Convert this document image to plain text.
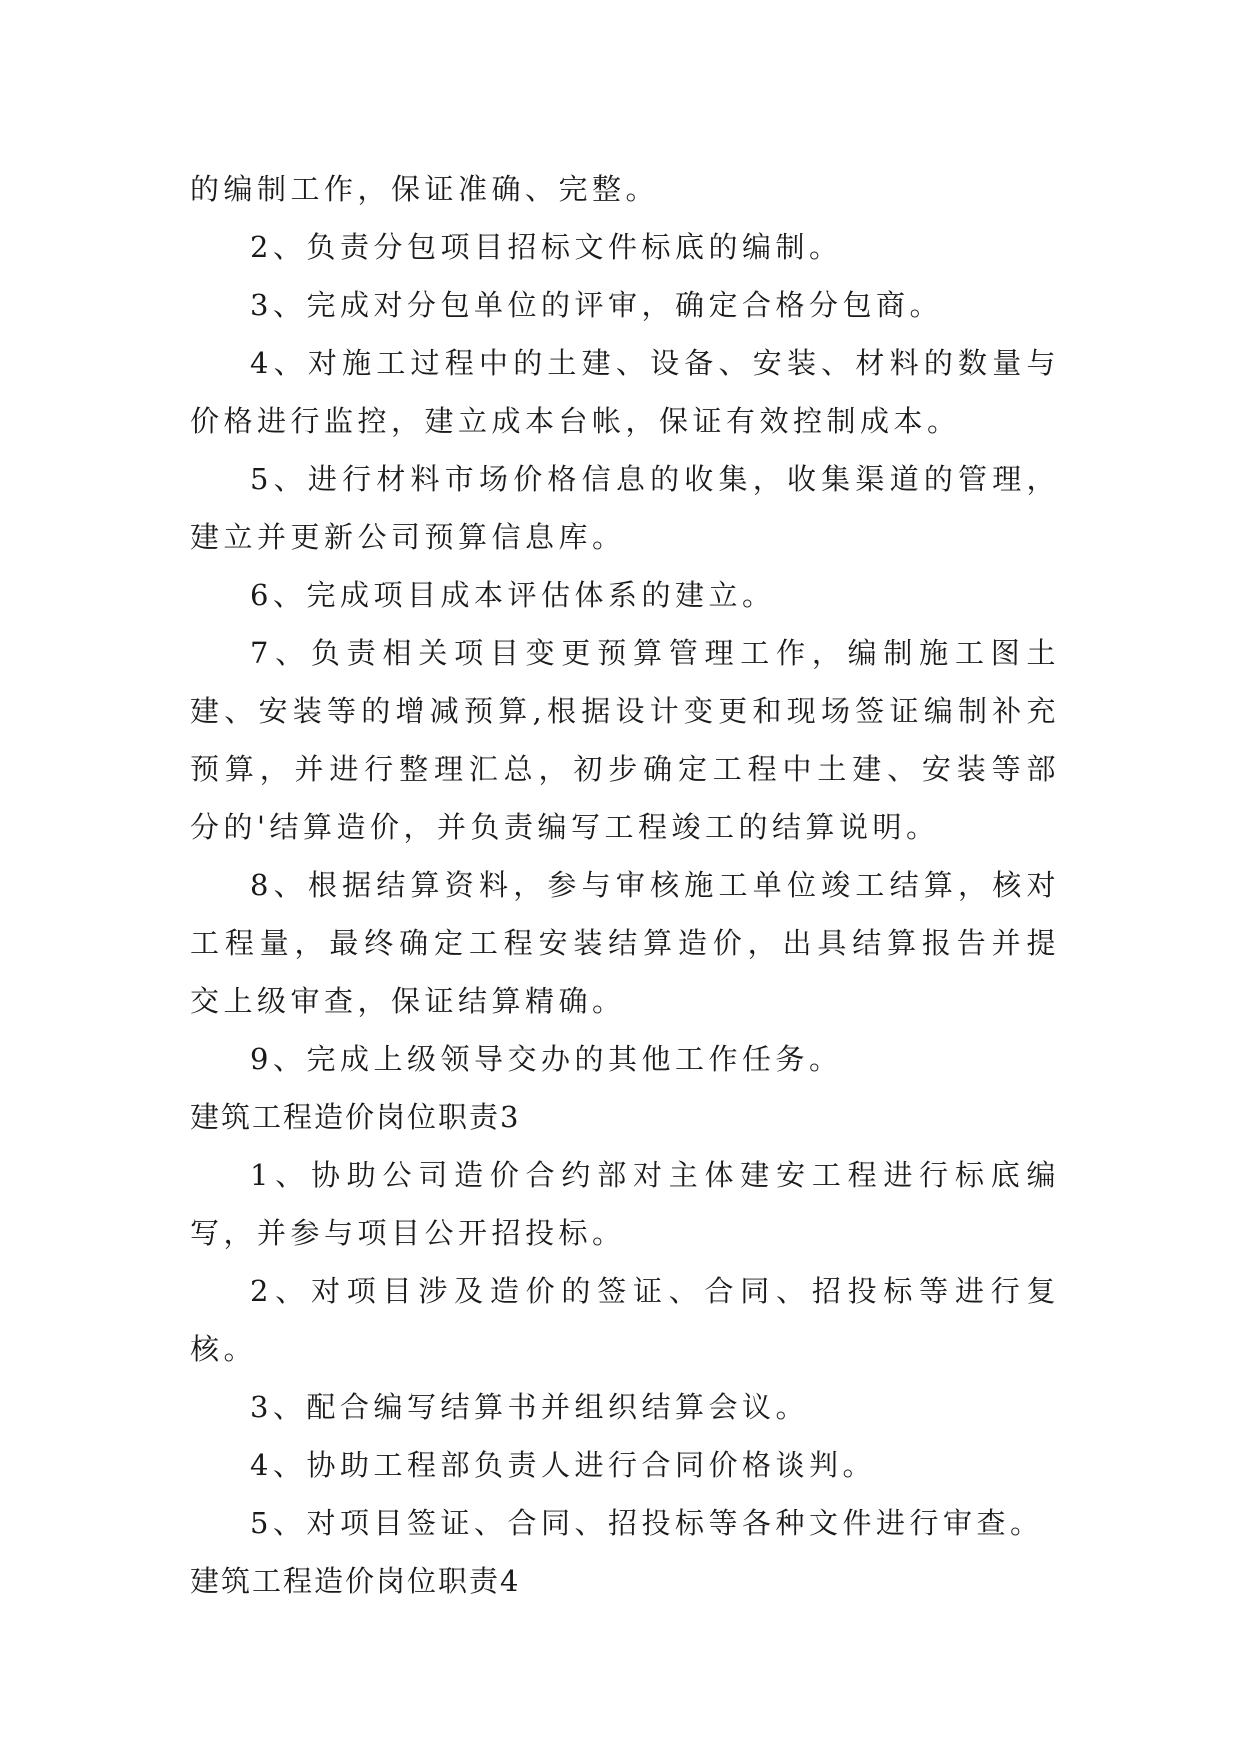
的编制工作，保证准确、完整。

2、负责分包项目招标文件标底的编制。

3、完成对分包单位的评审，确定合格分包商。

4、对施工过程中的土建、设备、安装、材料的数量与价格进行监控，建立成本台帐，保证有效控制成本。

5、进行材料市场价格信息的收集，收集渠道的管理，建立并更新公司预算信息库。

6、完成项目成本评估体系的建立。

7、负责相关项目变更预算管理工作，编制施工图土建、安装等的增减预算,根据设计变更和现场签证编制补充预算，并进行整理汇总，初步确定工程中土建、安装等部分的'结算造价，并负责编写工程竣工的结算说明。

8、根据结算资料，参与审核施工单位竣工结算，核对工程量，最终确定工程安装结算造价，出具结算报告并提交上级审查，保证结算精确。

9、完成上级领导交办的其他工作任务。

建筑工程造价岗位职责3

1、协助公司造价合约部对主体建安工程进行标底编写，并参与项目公开招投标。

2、对项目涉及造价的签证、合同、招投标等进行复核。

3、配合编写结算书并组织结算会议。

4、协助工程部负责人进行合同价格谈判。

5、对项目签证、合同、招投标等各种文件进行审查。

建筑工程造价岗位职责4
